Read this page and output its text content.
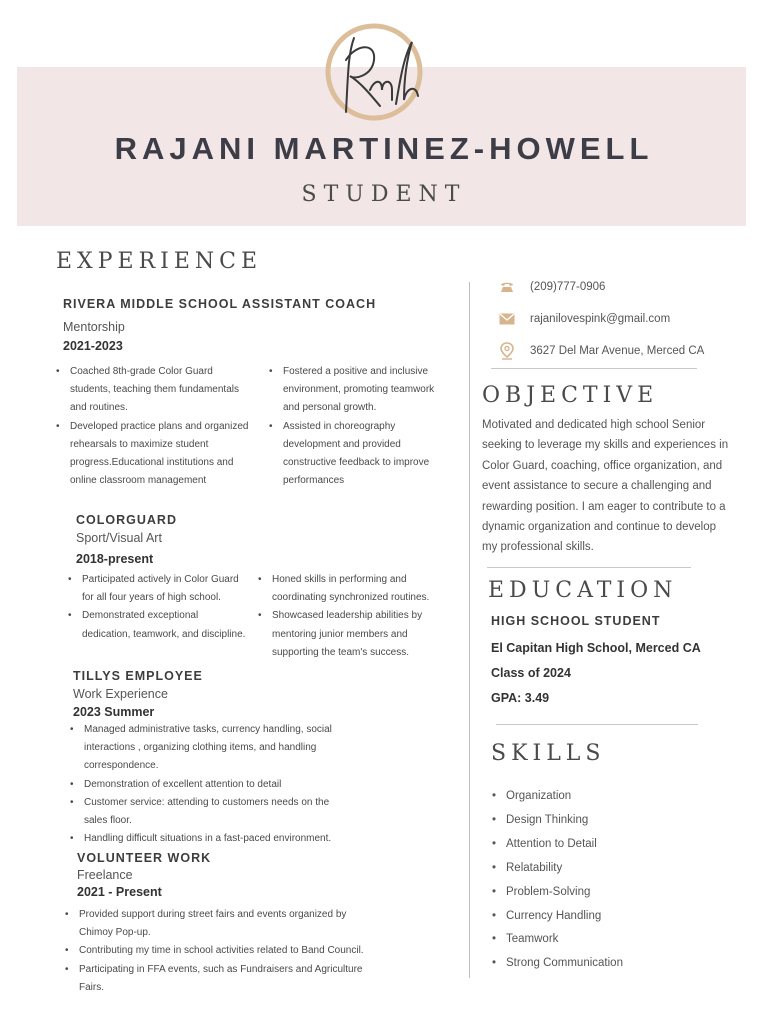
RAJANI MARTINEZ-HOWELL
STUDENT
EXPERIENCE
RIVERA MIDDLE SCHOOL ASSISTANT COACH
Mentorship
2021-2023
• Coached 8th-grade Color Guard students, teaching them fundamentals and routines.
• Developed practice plans and organized rehearsals to maximize student progress.Educational institutions and online classroom management
• Fostered a positive and inclusive environment, promoting teamwork and personal growth.
• Assisted in choreography development and provided constructive feedback to improve performances
COLORGUARD
Sport/Visual Art
2018-present
• Participated actively in Color Guard for all four years of high school.
• Demonstrated exceptional dedication, teamwork, and discipline.
• Honed skills in performing and coordinating synchronized routines.
• Showcased leadership abilities by mentoring junior members and supporting the team's success.
TILLYS EMPLOYEE
Work Experience
2023 Summer
• Managed administrative tasks, currency handling, social interactions , organizing clothing items, and handling correspondence.
• Demonstration of excellent attention to detail
• Customer service: attending to customers needs on the sales floor.
• Handling difficult situations in a fast-paced environment.
VOLUNTEER WORK
Freelance
2021 - Present
• Provided support during street fairs and events organized by Chimoy Pop-up.
• Contributing my time in school activities related to Band Council.
• Participating in FFA events, such as Fundraisers and Agriculture Fairs.
(209)777-0906
rajanilovespink@gmail.com
3627 Del Mar Avenue, Merced CA
OBJECTIVE

Motivated and dedicated high school Senior seeking to leverage my skills and experiences in Color Guard, coaching, office organization, and event assistance to secure a challenging and rewarding position. I am eager to contribute to a dynamic organization and continue to develop my professional skills.

EDUCATION
HIGH SCHOOL STUDENT
El Capitan High School, Merced CA
Class of 2024
GPA: 3.49
SKILLS
• Organization
• Design Thinking
• Attention to Detail
• Relatability
• Problem-Solving
• Currency Handling
• Teamwork
• Strong Communication
